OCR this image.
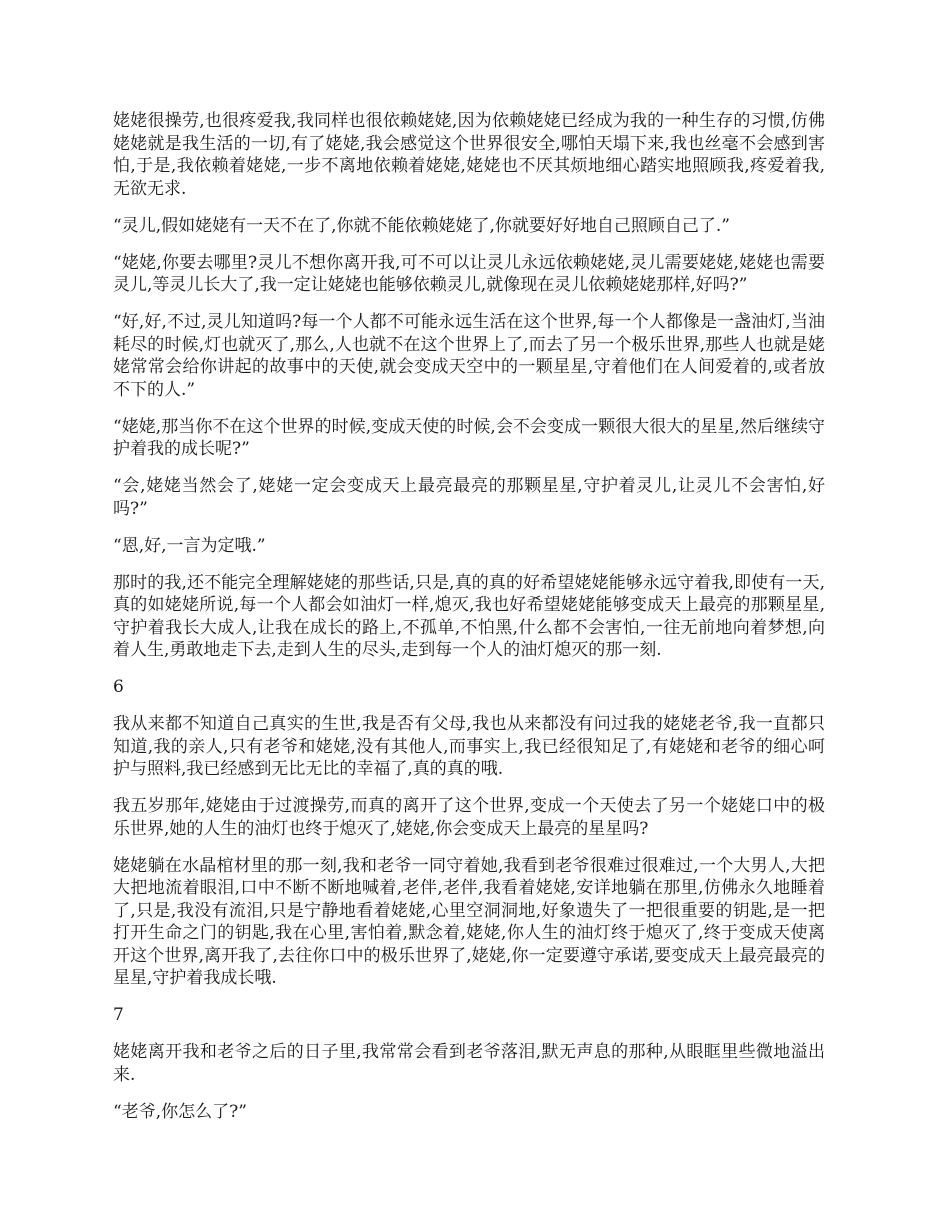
姥姥很操劳,也很疼爱我,我同样也很依赖姥姥,因为依赖姥姥已经成为我的一种生存的习惯,仿佛姥姥就是我生活的一切,有了姥姥,我会感觉这个世界很安全,哪怕天塌下来,我也丝毫不会感到害怕,于是,我依赖着姥姥,一步不离地依赖着姥姥,姥姥也不厌其烦地细心踏实地照顾我,疼爱着我,无欲无求.

“灵儿,假如姥姥有一天不在了,你就不能依赖姥姥了,你就要好好地自己照顾自己了.”

“姥姥,你要去哪里?灵儿不想你离开我,可不可以让灵儿永远依赖姥姥,灵儿需要姥姥,姥姥也需要灵儿,等灵儿长大了,我一定让姥姥也能够依赖灵儿,就像现在灵儿依赖姥姥那样,好吗?”

“好,好,不过,灵儿知道吗?每一个人都不可能永远生活在这个世界,每一个人都像是一盏油灯,当油耗尽的时候,灯也就灭了,那么,人也就不在这个世界上了,而去了另一个极乐世界,那些人也就是姥姥常常会给你讲起的故事中的天使,就会变成天空中的一颗星星,守着他们在人间爱着的,或者放不下的人.”

“姥姥,那当你不在这个世界的时候,变成天使的时候,会不会变成一颗很大很大的星星,然后继续守护着我的成长呢?”

“会,姥姥当然会了,姥姥一定会变成天上最亮最亮的那颗星星,守护着灵儿,让灵儿不会害怕,好吗?”

“恩,好,一言为定哦.”

那时的我,还不能完全理解姥姥的那些话,只是,真的真的好希望姥姥能够永远守着我,即使有一天,真的如姥姥所说,每一个人都会如油灯一样,熄灭,我也好希望姥姥能够变成天上最亮的那颗星星,守护着我长大成人,让我在成长的路上,不孤单,不怕黑,什么都不会害怕,一往无前地向着梦想,向着人生,勇敢地走下去,走到人生的尽头,走到每一个人的油灯熄灭的那一刻.

6

我从来都不知道自己真实的生世,我是否有父母,我也从来都没有问过我的姥姥老爷,我一直都只知道,我的亲人,只有老爷和姥姥,没有其他人,而事实上,我已经很知足了,有姥姥和老爷的细心呵护与照料,我已经感到无比无比的幸福了,真的真的哦.

我五岁那年,姥姥由于过渡操劳,而真的离开了这个世界,变成一个天使去了另一个姥姥口中的极乐世界,她的人生的油灯也终于熄灭了,姥姥,你会变成天上最亮的星星吗?

姥姥躺在水晶棺材里的那一刻,我和老爷一同守着她,我看到老爷很难过很难过,一个大男人,大把大把地流着眼泪,口中不断不断地喊着,老伴,老伴,我看着姥姥,安详地躺在那里,仿佛永久地睡着了,只是,我没有流泪,只是宁静地看着姥姥,心里空洞洞地,好象遗失了一把很重要的钥匙,是一把打开生命之门的钥匙,我在心里,害怕着,默念着,姥姥,你人生的油灯终于熄灭了,终于变成天使离开这个世界,离开我了,去往你口中的极乐世界了,姥姥,你一定要遵守承诺,要变成天上最亮最亮的星星,守护着我成长哦.

7

姥姥离开我和老爷之后的日子里,我常常会看到老爷落泪,默无声息的那种,从眼眶里些微地溢出来.

“老爷,你怎么了?”
